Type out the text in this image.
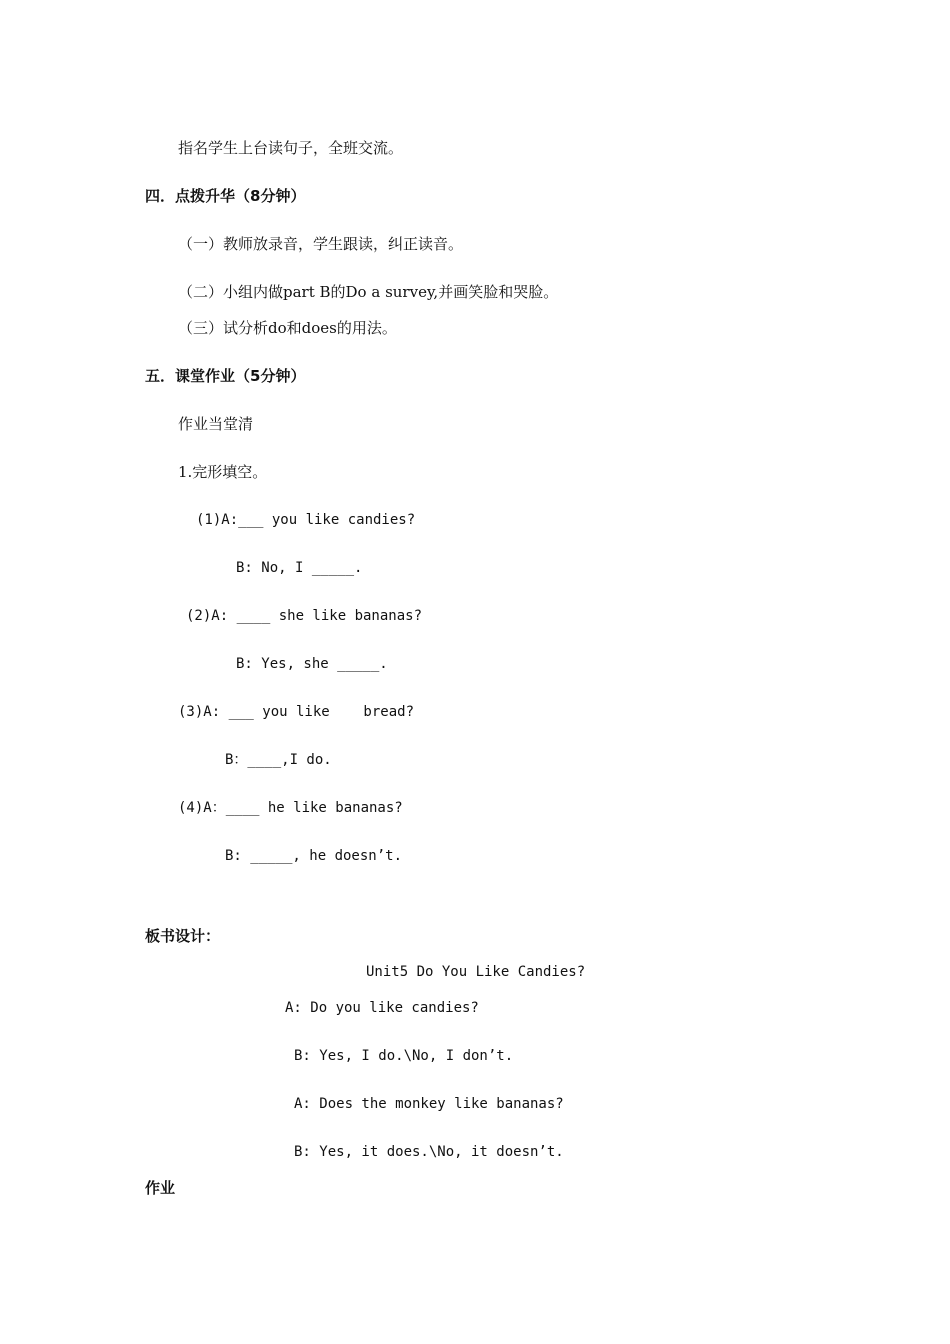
指名学生上台读句子，全班交流。
四．点拨升华（8分钟）
（一）教师放录音，学生跟读，纠正读音。
（二）小组内做part B的Do a survey,并画笑脸和哭脸。
（三）试分析do和does的用法。
五．课堂作业（5分钟）
作业当堂清
1.完形填空。
(1)A:___ you like candies?
B: No, I _____.
(2)A: ____ she like bananas?
B: Yes, she _____.
(3)A: ___ you like    bread?
B：____,I do.
(4)A：____ he like bananas?
B: _____, he doesn’t.
板书设计：
Unit5 Do You Like Candies?
A: Do you like candies?
B: Yes, I do.\No, I don’t.
A: Does the monkey like bananas?
B: Yes, it does.\No, it doesn’t.
作业
